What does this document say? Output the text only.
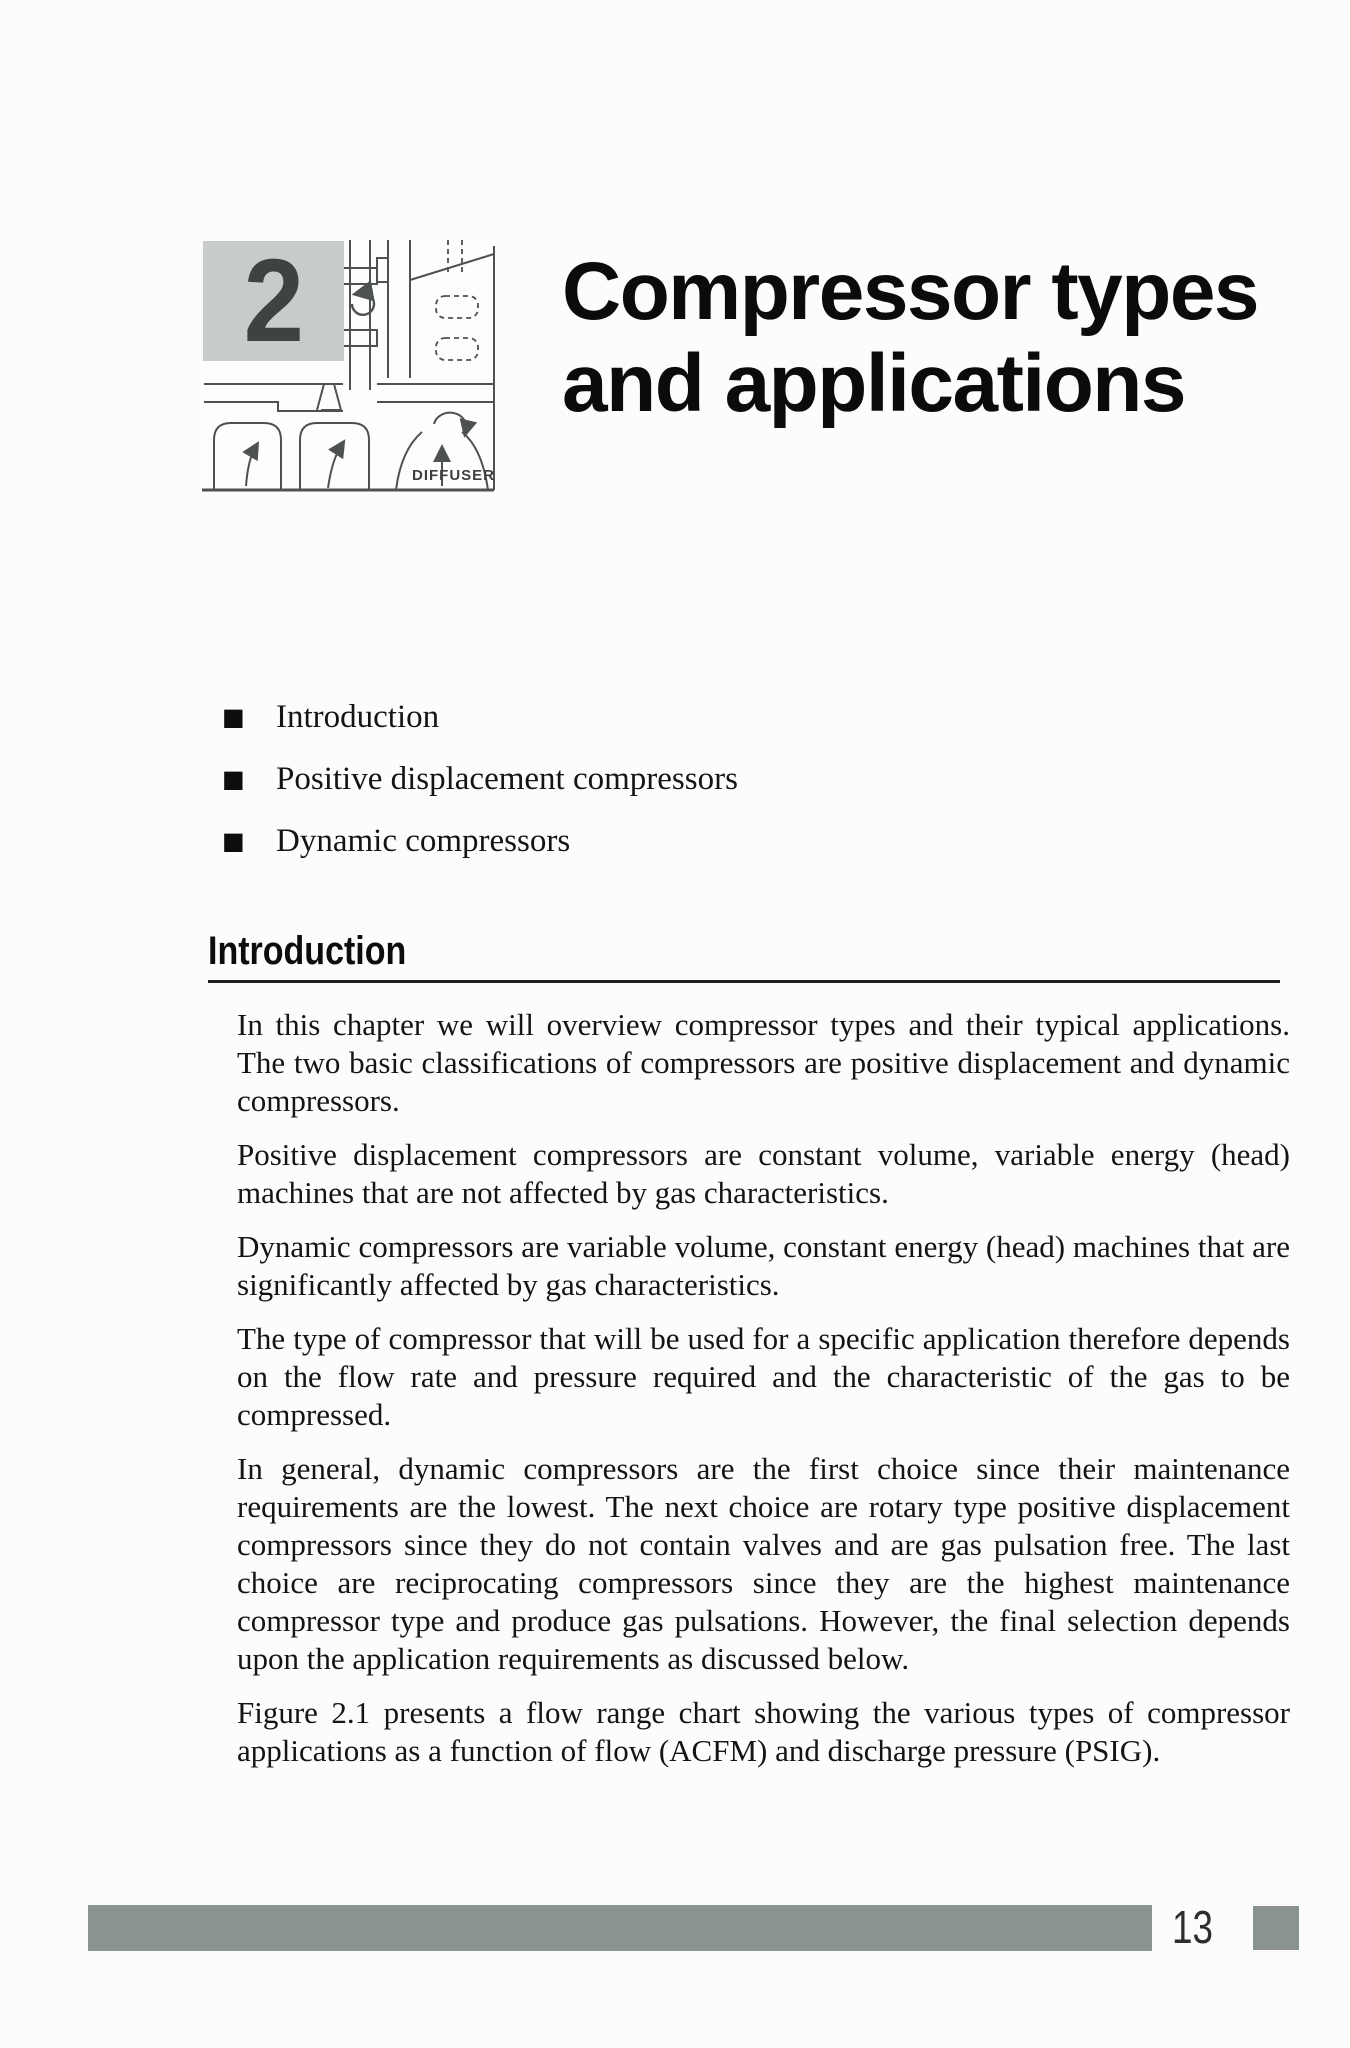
2
DIFFUSER
Compressor types
and applications
■ Introduction
■ Positive displacement compressors
■ Dynamic compressors
Introduction

In this chapter we will overview compressor types and their typical applications. The two basic classifications of compressors are positive displacement and dynamic compressors.

Positive displacement compressors are constant volume, variable energy (head) machines that are not affected by gas characteristics.

Dynamic compressors are variable volume, constant energy (head) machines that are significantly affected by gas characteristics.

The type of compressor that will be used for a specific application therefore depends on the flow rate and pressure required and the characteristic of the gas to be compressed.

In general, dynamic compressors are the first choice since their maintenance requirements are the lowest. The next choice are rotary type positive displacement compressors since they do not contain valves and are gas pulsation free. The last choice are reciprocating compressors since they are the highest maintenance compressor type and produce gas pulsations. However, the final selection depends upon the application requirements as discussed below.

Figure 2.1 presents a flow range chart showing the various types of compressor applications as a function of flow (ACFM) and discharge pressure (PSIG).

13
